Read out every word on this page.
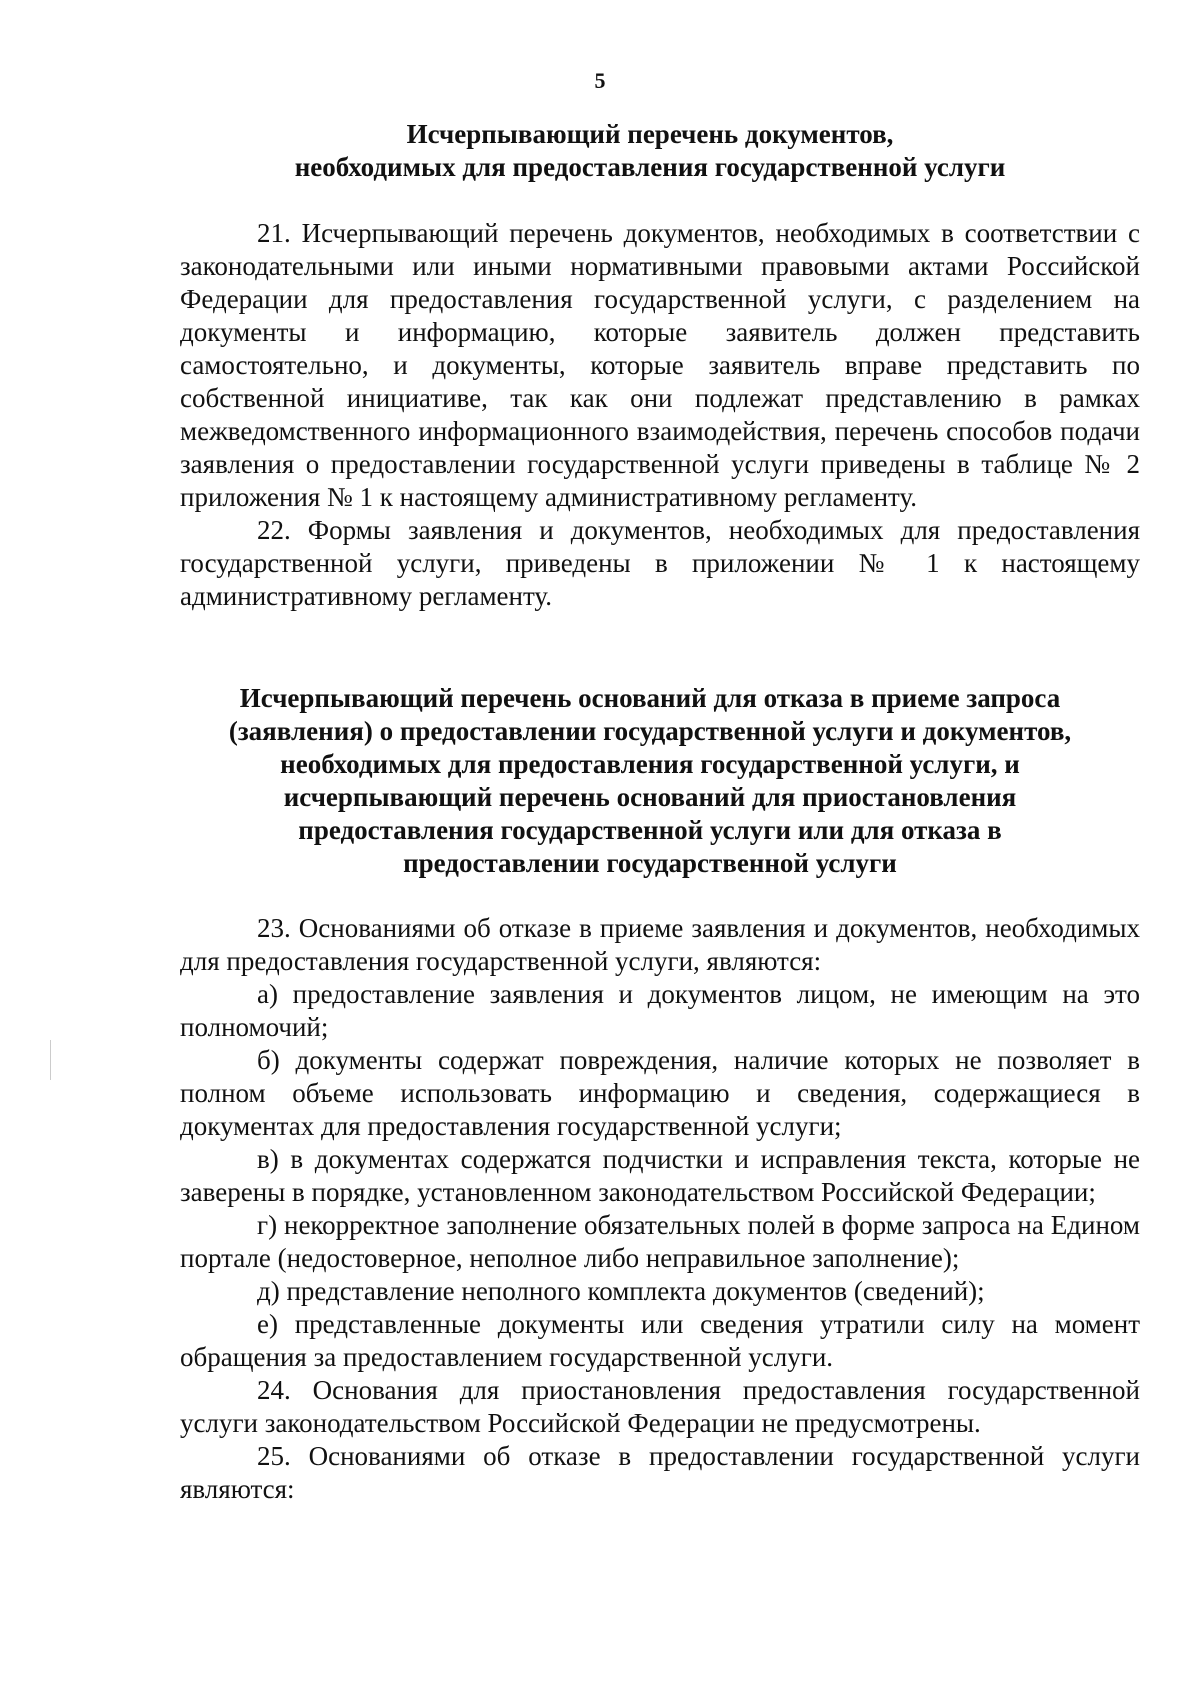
5
Исчерпывающий перечень документов,
необходимых для предоставления государственной услуги

21. Исчерпывающий перечень документов, необходимых в соответствии с законодательными или иными нормативными правовыми актами Российской Федерации для предоставления государственной услуги, с разделением на документы и информацию, которые заявитель должен представить самостоятельно, и документы, которые заявитель вправе представить по собственной инициативе, так как они подлежат представлению в рамках межведомственного информационного взаимодействия, перечень способов подачи заявления о предоставлении государственной услуги приведены в таблице № 2 приложения № 1 к настоящему административному регламенту.

22. Формы заявления и документов, необходимых для предоставления государственной услуги, приведены в приложении № 1 к настоящему административному регламенту.

Исчерпывающий перечень оснований для отказа в приеме запроса
(заявления) о предоставлении государственной услуги и документов,
необходимых для предоставления государственной услуги, и
исчерпывающий перечень оснований для приостановления
предоставления государственной услуги или для отказа в
предоставлении государственной услуги

23. Основаниями об отказе в приеме заявления и документов, необходимых для предоставления государственной услуги, являются:

а) предоставление заявления и документов лицом, не имеющим на это полномочий;

б) документы содержат повреждения, наличие которых не позволяет в полном объеме использовать информацию и сведения, содержащиеся в документах для предоставления государственной услуги;

в) в документах содержатся подчистки и исправления текста, которые не заверены в порядке, установленном законодательством Российской Федерации;

г) некорректное заполнение обязательных полей в форме запроса на Едином портале (недостоверное, неполное либо неправильное заполнение);

д) представление неполного комплекта документов (сведений);

е) представленные документы или сведения утратили силу на момент обращения за предоставлением государственной услуги.

24. Основания для приостановления предоставления государственной услуги законодательством Российской Федерации не предусмотрены.

25. Основаниями об отказе в предоставлении государственной услуги являются:
